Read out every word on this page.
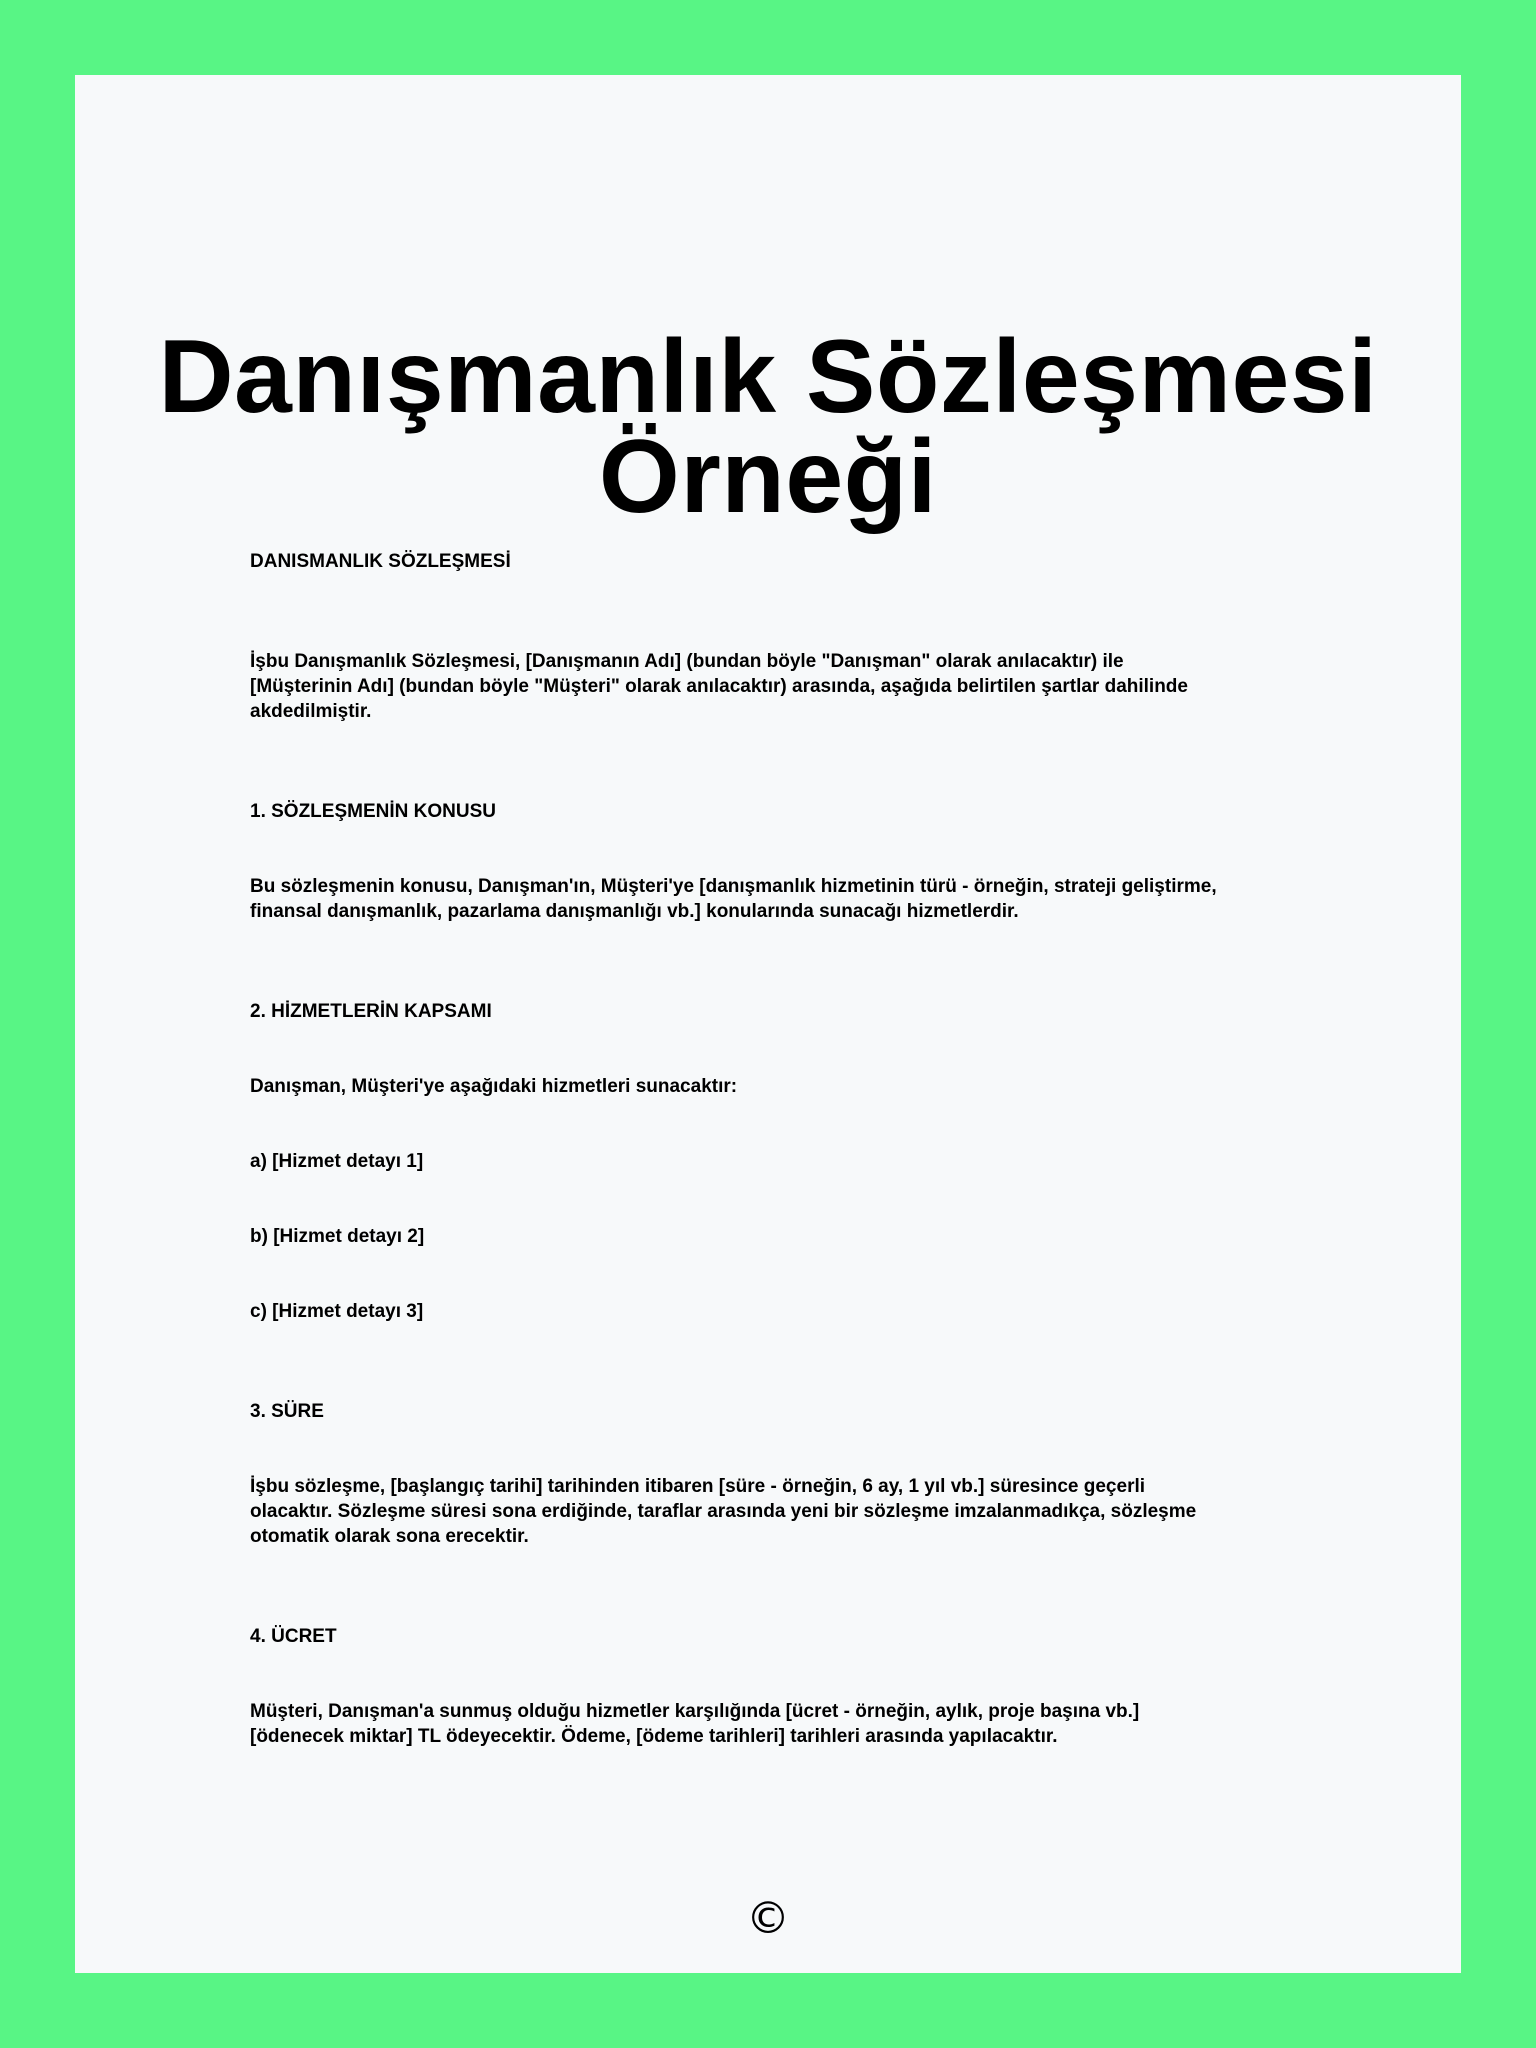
Danışmanlık Sözleşmesi
Örneği

DANISMANLIK SÖZLEŞMESİ

İşbu Danışmanlık Sözleşmesi, [Danışmanın Adı] (bundan böyle "Danışman" olarak anılacaktır) ile
[Müşterinin Adı] (bundan böyle "Müşteri" olarak anılacaktır) arasında, aşağıda belirtilen şartlar dahilinde
akdedilmiştir.

1. SÖZLEŞMENİN KONUSU

Bu sözleşmenin konusu, Danışman'ın, Müşteri'ye [danışmanlık hizmetinin türü - örneğin, strateji geliştirme,
finansal danışmanlık, pazarlama danışmanlığı vb.] konularında sunacağı hizmetlerdir.

2. HİZMETLERİN KAPSAMI

Danışman, Müşteri'ye aşağıdaki hizmetleri sunacaktır:

a) [Hizmet detayı 1]

b) [Hizmet detayı 2]

c) [Hizmet detayı 3]

3. SÜRE

İşbu sözleşme, [başlangıç tarihi] tarihinden itibaren [süre - örneğin, 6 ay, 1 yıl vb.] süresince geçerli
olacaktır. Sözleşme süresi sona erdiğinde, taraflar arasında yeni bir sözleşme imzalanmadıkça, sözleşme
otomatik olarak sona erecektir.

4. ÜCRET

Müşteri, Danışman'a sunmuş olduğu hizmetler karşılığında [ücret - örneğin, aylık, proje başına vb.]
[ödenecek miktar] TL ödeyecektir. Ödeme, [ödeme tarihleri] tarihleri arasında yapılacaktır.

©
